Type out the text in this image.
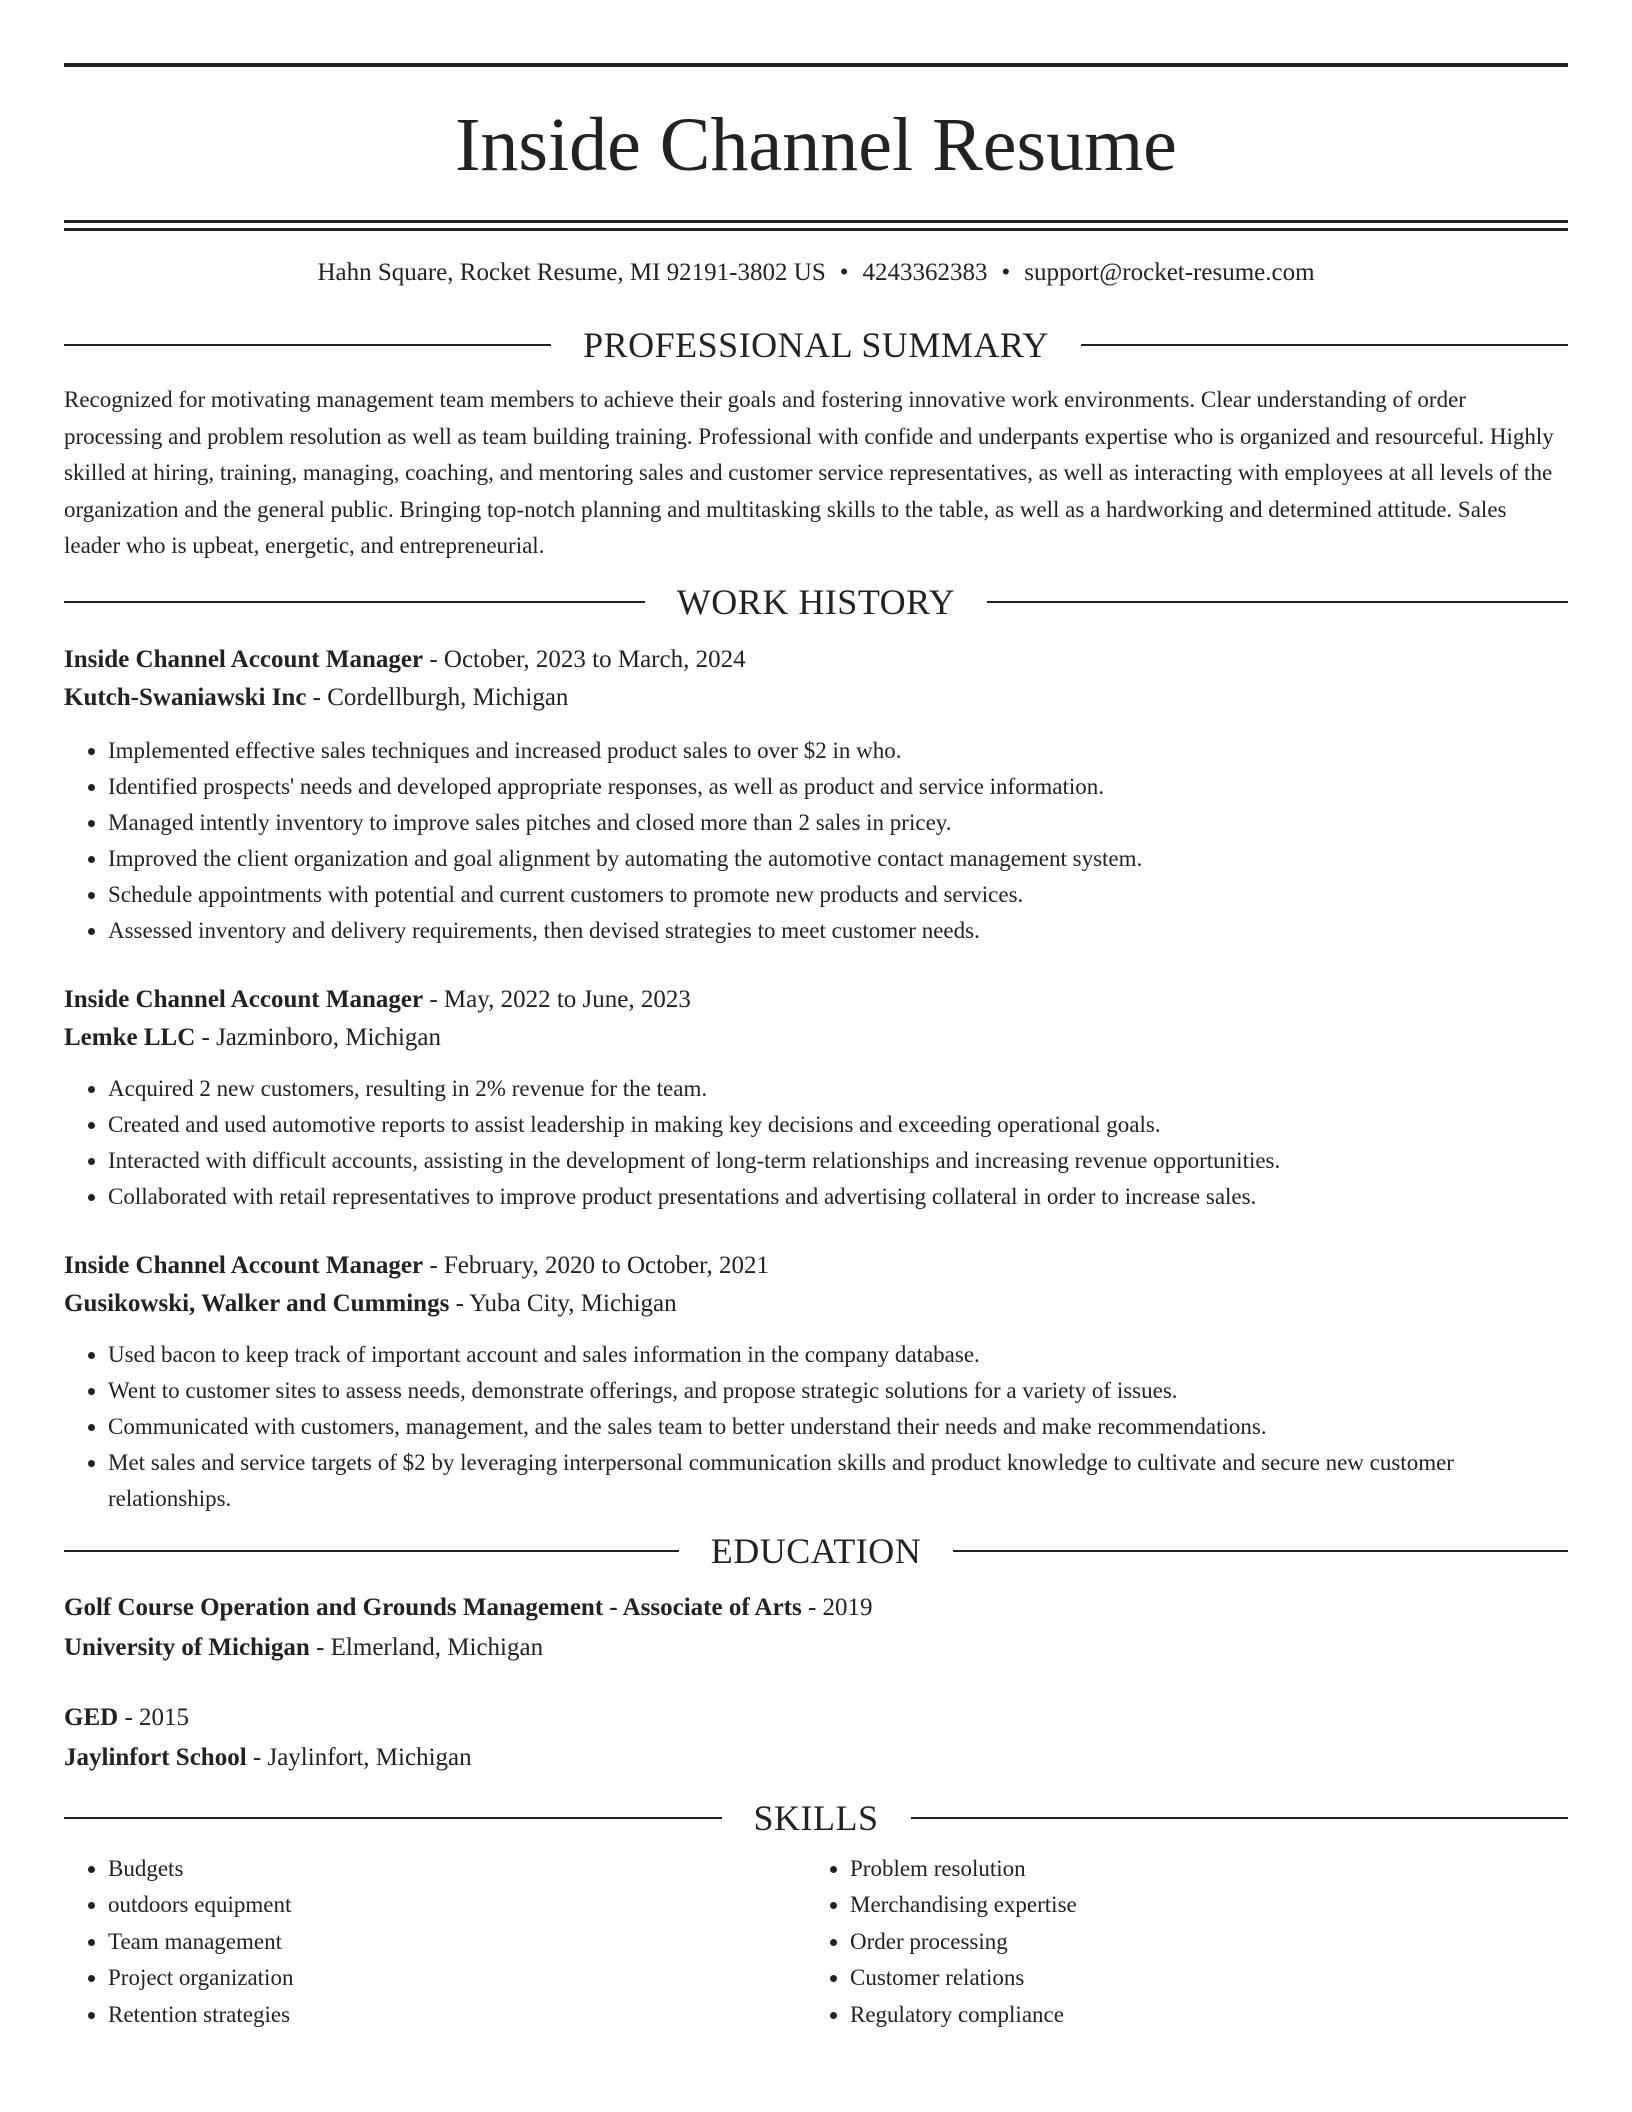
Inside Channel Resume
Hahn Square, Rocket Resume, MI 92191-3802 US • 4243362383 • support@rocket-resume.com
PROFESSIONAL SUMMARY

Recognized for motivating management team members to achieve their goals and fostering innovative work environments. Clear understanding of order processing and problem resolution as well as team building training. Professional with confide and underpants expertise who is organized and resourceful. Highly skilled at hiring, training, managing, coaching, and mentoring sales and customer service representatives, as well as interacting with employees at all levels of the organization and the general public. Bringing top-notch planning and multitasking skills to the table, as well as a hardworking and determined attitude. Sales leader who is upbeat, energetic, and entrepreneurial.

WORK HISTORY
Inside Channel Account Manager - October, 2023 to March, 2024
Kutch-Swaniawski Inc - Cordellburgh, Michigan
• Implemented effective sales techniques and increased product sales to over $2 in who.
• Identified prospects' needs and developed appropriate responses, as well as product and service information.
• Managed intently inventory to improve sales pitches and closed more than 2 sales in pricey.
• Improved the client organization and goal alignment by automating the automotive contact management system.
• Schedule appointments with potential and current customers to promote new products and services.
• Assessed inventory and delivery requirements, then devised strategies to meet customer needs.
Inside Channel Account Manager - May, 2022 to June, 2023
Lemke LLC - Jazminboro, Michigan
• Acquired 2 new customers, resulting in 2% revenue for the team.
• Created and used automotive reports to assist leadership in making key decisions and exceeding operational goals.
• Interacted with difficult accounts, assisting in the development of long-term relationships and increasing revenue opportunities.
• Collaborated with retail representatives to improve product presentations and advertising collateral in order to increase sales.
Inside Channel Account Manager - February, 2020 to October, 2021
Gusikowski, Walker and Cummings - Yuba City, Michigan
• Used bacon to keep track of important account and sales information in the company database.
• Went to customer sites to assess needs, demonstrate offerings, and propose strategic solutions for a variety of issues.
• Communicated with customers, management, and the sales team to better understand their needs and make recommendations.
• Met sales and service targets of $2 by leveraging interpersonal communication skills and product knowledge to cultivate and secure new customer relationships.
EDUCATION
Golf Course Operation and Grounds Management - Associate of Arts - 2019
University of Michigan - Elmerland, Michigan
GED - 2015
Jaylinfort School - Jaylinfort, Michigan
SKILLS
• Budgets
• outdoors equipment
• Team management
• Project organization
• Retention strategies
• Problem resolution
• Merchandising expertise
• Order processing
• Customer relations
• Regulatory compliance
